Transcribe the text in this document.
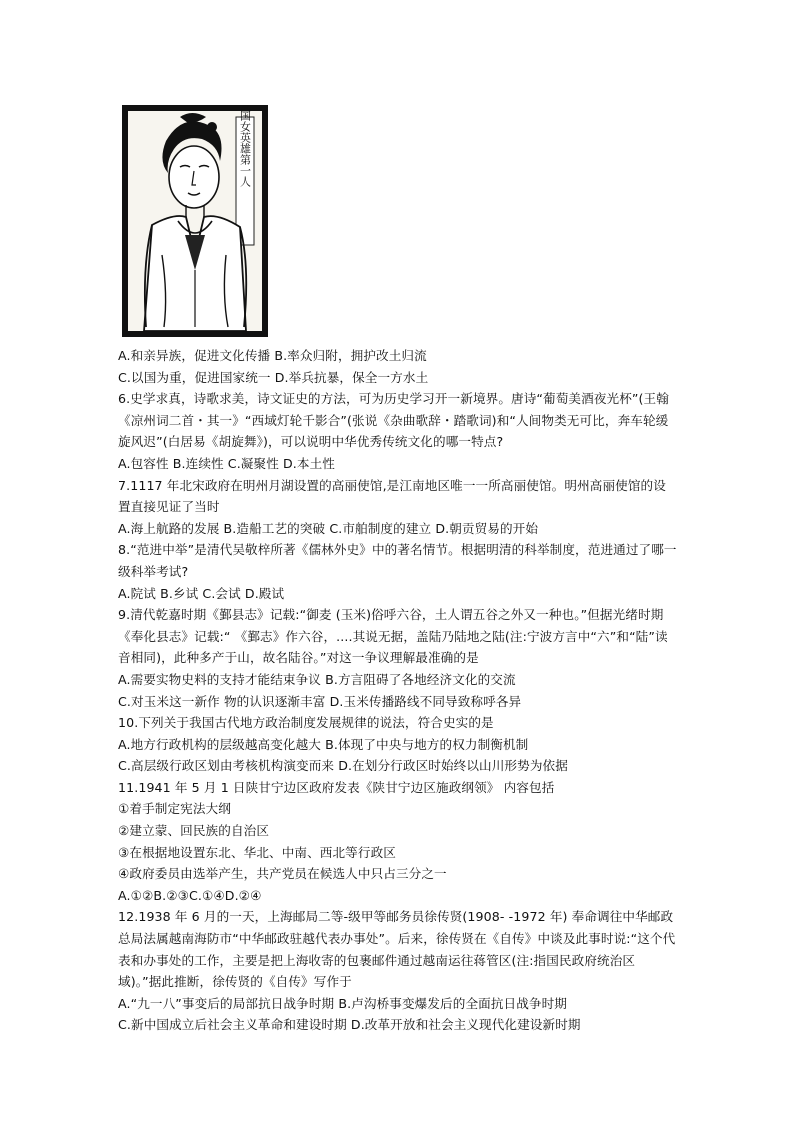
中国古代爱国女英雄第一人
A.和亲异族，促进文化传播 B.率众归附，拥护改土归流
C.以国为重，促进国家统一 D.举兵抗暴，保全一方水土
6.史学求真，诗歌求美，诗文证史的方法，可为历史学习开一新境界。唐诗“葡萄美酒夜光杯”(王翰《凉州词二首・其一》“西域灯轮千影合”(张说《杂曲歌辞・踏歌词)和“人间物类无可比，奔车轮缓旋风迟”(白居易《胡旋舞》)，可以说明中华优秀传统文化的哪一特点?
A.包容性 B.连续性 C.凝聚性 D.本土性
7.1117 年北宋政府在明州月湖设置的高丽使馆,是江南地区唯一一所高丽使馆。明州高丽使馆的设置直接见证了当时
A.海上航路的发展 B.造船工艺的突破 C.市舶制度的建立 D.朝贡贸易的开始
8.“范进中举”是清代吴敬梓所著《儒林外史》中的著名情节。根据明清的科举制度，范进通过了哪一级科举考试?
A.院试 B.乡试 C.会试 D.殿试
9.清代乾嘉时期《鄞县志》记载:“御麦 (玉米)俗呼六谷，土人谓五谷之外又一种也。”但据光绪时期《奉化县志》记载:“ 《鄞志》作六谷，....其说无据，盖陆乃陆地之陆(注:宁波方言中“六”和“陆”读音相同)，此种多产于山，故名陆谷。”对这一争议理解最准确的是
A.需要实物史料的支持才能结束争议 B.方言阻碍了各地经济文化的交流
C.对玉米这一新作 物的认识逐渐丰富 D.玉米传播路线不同导致称呼各异
10.下列关于我国古代地方政治制度发展规律的说法，符合史实的是
A.地方行政机构的层级越高变化越大 B.体现了中央与地方的权力制衡机制
C.高层级行政区划由考核机构演变而来 D.在划分行政区时始终以山川形势为依据
11.1941 年 5 月 1 日陕甘宁边区政府发表《陕甘宁边区施政纲领》 内容包括
①着手制定宪法大纲
②建立蒙、回民族的自治区
③在根据地设置东北、华北、中南、西北等行政区
④政府委员由选举产生，共产党员在候选人中只占三分之一
A.①②B.②③C.①④D.②④
12.1938 年 6 月的一天，上海邮局二等-级甲等邮务员徐传贤(1908- -1972 年) 奉命调往中华邮政总局法属越南海防市“中华邮政驻越代表办事处”。后来，徐传贤在《自传》中谈及此事时说:“这个代表和办事处的工作，主要是把上海收寄的包裹邮件通过越南运往蒋管区(注:指国民政府统治区域)。”据此推断，徐传贤的《自传》写作于
A.“九一八”事变后的局部抗日战争时期 B.卢沟桥事变爆发后的全面抗日战争时期
C.新中国成立后社会主义革命和建设时期 D.改革开放和社会主义现代化建设新时期
